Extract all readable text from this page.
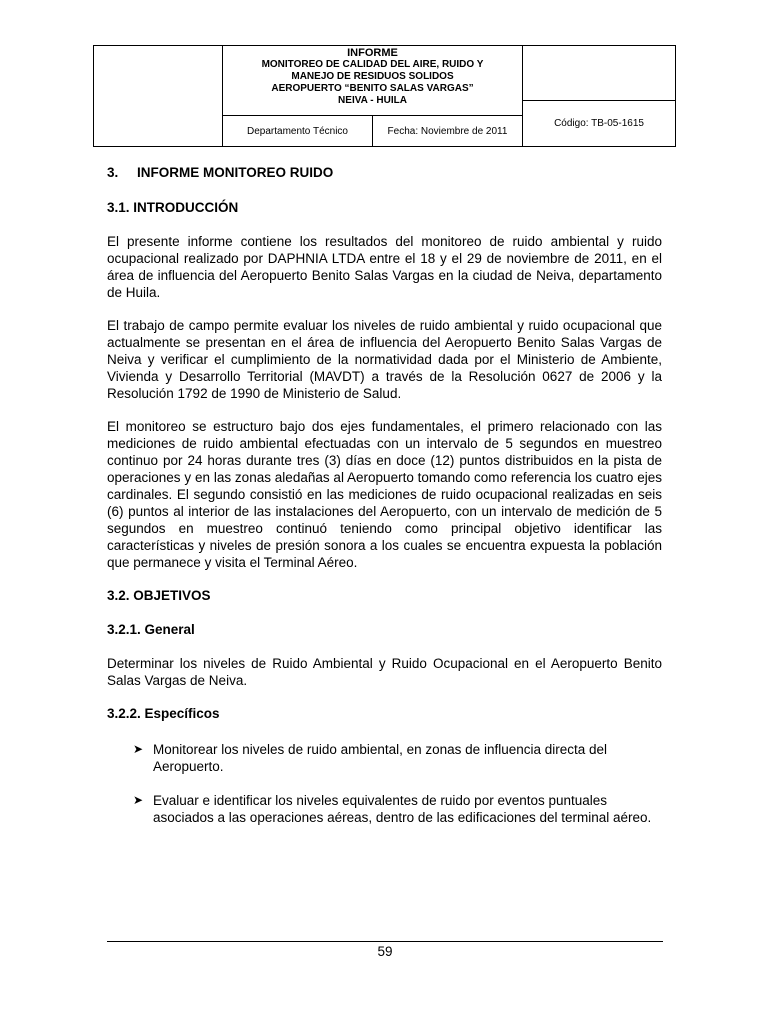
INFORME
MONITOREO DE CALIDAD DEL AIRE, RUIDO Y
MANEJO DE RESIDUOS SOLIDOS
AEROPUERTO “BENITO SALAS VARGAS”
NEIVA - HUILA
Departamento Técnico	Fecha: Noviembre de 2011
Código: TB-05-1615
3. INFORME MONITOREO RUIDO
3.1. INTRODUCCIÓN

El presente informe contiene los resultados del monitoreo de ruido ambiental y ruido ocupacional realizado por DAPHNIA LTDA entre el 18 y el 29 de noviembre de 2011, en el área de influencia del Aeropuerto Benito Salas Vargas en la ciudad de Neiva, departamento de Huila.

El trabajo de campo permite evaluar los niveles de ruido ambiental y ruido ocupacional que actualmente se presentan en el área de influencia del Aeropuerto Benito Salas Vargas de Neiva y verificar el cumplimiento de la normatividad dada por el Ministerio de Ambiente, Vivienda y Desarrollo Territorial (MAVDT) a través de la Resolución 0627 de 2006 y la Resolución 1792 de 1990 de Ministerio de Salud.

El monitoreo se estructuro bajo dos ejes fundamentales, el primero relacionado con las mediciones de ruido ambiental efectuadas con un intervalo de 5 segundos en muestreo continuo por 24 horas durante tres (3) días en doce (12) puntos distribuidos en la pista de operaciones y en las zonas aledañas al Aeropuerto tomando como referencia los cuatro ejes cardinales. El segundo consistió en las mediciones de ruido ocupacional realizadas en seis (6) puntos al interior de las instalaciones del Aeropuerto, con un intervalo de medición de 5 segundos en muestreo continuó teniendo como principal objetivo identificar las características y niveles de presión sonora a los cuales se encuentra expuesta la población que permanece y visita el Terminal Aéreo.

3.2. OBJETIVOS
3.2.1. General

Determinar los niveles de Ruido Ambiental y Ruido Ocupacional en el Aeropuerto Benito Salas Vargas de Neiva.

3.2.2. Específicos
➤ Monitorear los niveles de ruido ambiental, en zonas de influencia directa del Aeropuerto.
➤ Evaluar e identificar los niveles equivalentes de ruido por eventos puntuales asociados a las operaciones aéreas, dentro de las edificaciones del terminal aéreo.
59
